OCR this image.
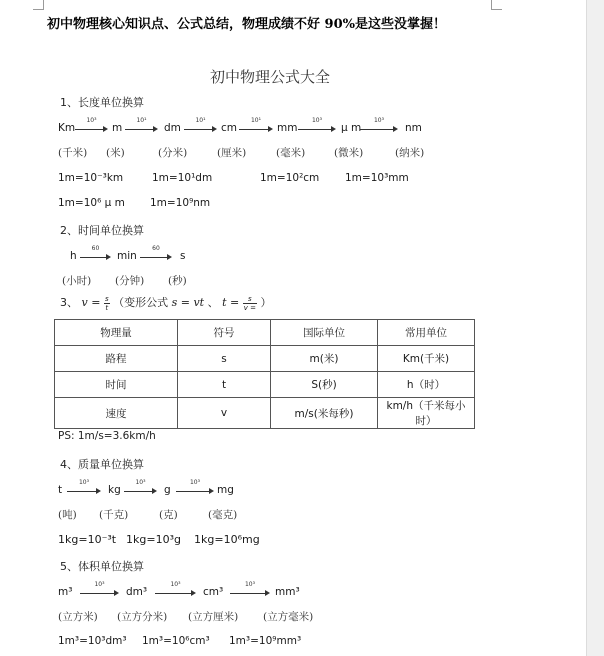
初中物理核心知识点、公式总结，物理成绩不好 90%是这些没掌握！
初中物理公式大全
1、长度单位换算
Km
10³
m
10¹
dm
10¹
cm
10¹
mm
10³
μ m
10³
nm
(千米) (米)	(分米)	(厘米)	(毫米)	(微米)	(纳米)
1m=10⁻³km	1m=10¹dm	1m=10²cm 1m=10³mm
1m=10⁶ μ m 1m=10⁹nm
2、时间单位换算
h
60
min
60
s
(小时) (分钟) (秒)
3、 $v = \frac{s}{t}$ （变形公式 s = vt 、 $t = \frac{s}{v =}$ ）
物理量	符号	国际单位	常用单位
路程	s	m(米)	Km(千米)
时间	t	S(秒)	h（时）
速度	v	m/s(米每秒)	km/h（千米每小时）
PS: 1m/s=3.6km/h
4、质量单位换算
t
10³
kg
10³
g
10³
mg
(吨) (千克)	(克)	(毫克)
1kg=10⁻³t 1kg=10³g 1kg=10⁶mg
5、体积单位换算
m³
10³
dm³
10³
cm³
10³
mm³
(立方米) (立方分米) (立方厘米) (立方毫米)
1m³=10³dm³ 1m³=10⁶cm³ 1m³=10⁹mm³
